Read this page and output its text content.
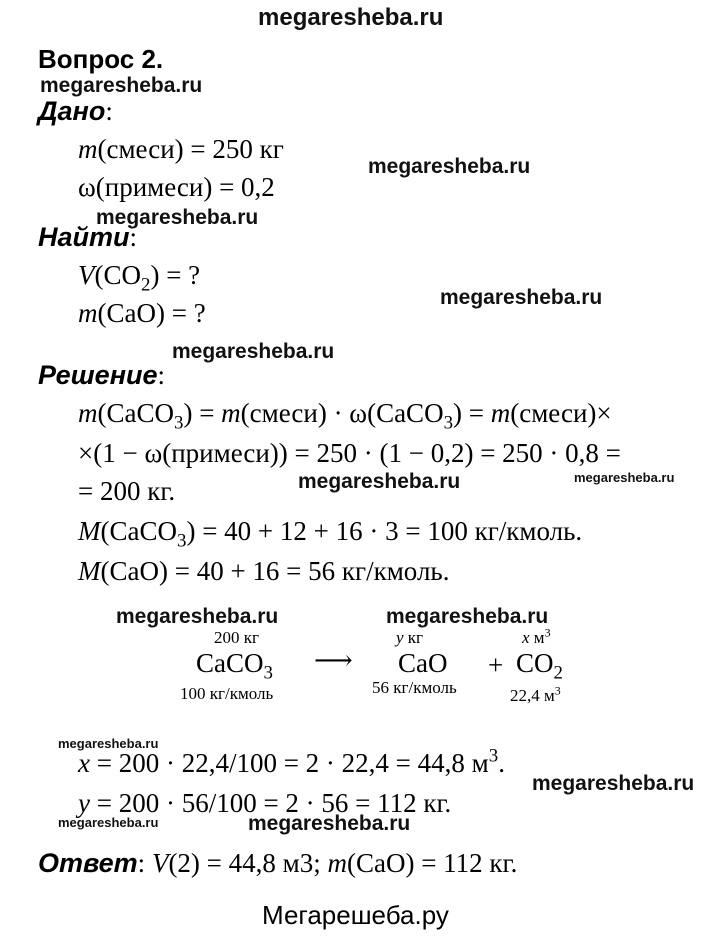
megaresheba.ru
Вопрос 2.
megaresheba.ru
megaresheba.ru
megaresheba.ru
megaresheba.ru
megaresheba.ru
megaresheba.ru	megaresheba.ru
megaresheba.ru	megaresheba.ru
megaresheba.ru
megaresheba.ru
megaresheba.ru	megaresheba.ru
Дано:
m(смеси) = 250 кг
ω(примеси) = 0,2
Найти:
$V(CO_2)$ = ?
m(CaO) = ?
Решение:
m(CaCO$_3$) = m(смеси) · ω(CaCO$_3$) = m(смеси)×
×(1 − ω(примеси)) = 250 · (1 − 0,2) = 250 · 0,8 =
= 200 кг.
M(CaCO$_3$) = 40 + 12 + 16 · 3 = 100 кг/кмоль.
M(CaO) = 40 + 16 = 56 кг/кмоль.
200 кг
CaCO$_3$
100 кг/кмоль
⟶
y кг
CaO
56 кг/кмоль
+
x $м^3$
$CO_2$
22,4 $м^3$
x = 200 · 22,4/100 = 2 · 22,4 = 44,8 $м^3$.
y = 200 · 56/100 = 2 · 56 = 112 кг.
Ответ: V(2) = 44,8 м3; m(CaO) = 112 кг.
Мегарешеба.ру
